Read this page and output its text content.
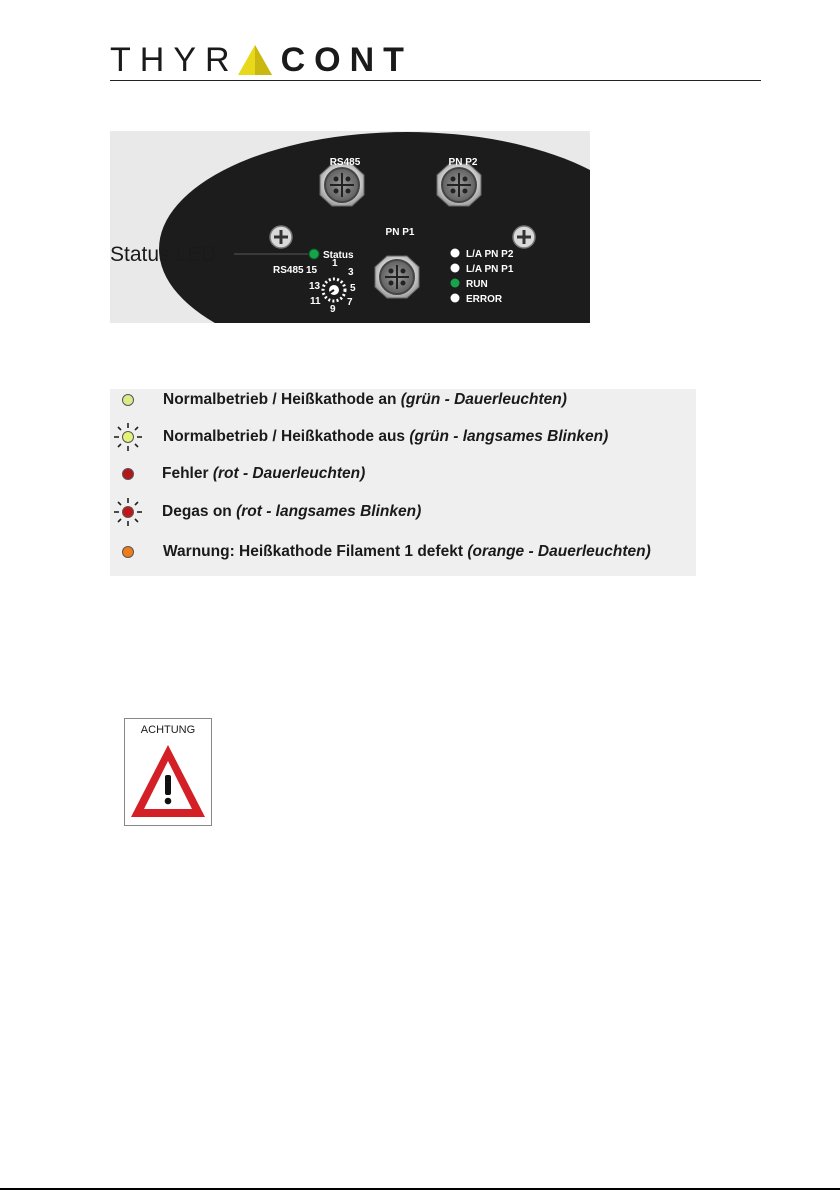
THYR CONT
RS485	PN P2
PN P1
Status
RS485 15
1
3
13	5
11	7
9
L/A PN P2
L/A PN P1
RUN
ERROR
Status LED
Normalbetrieb / Heißkathode an (grün - Dauerleuchten)
Normalbetrieb / Heißkathode aus (grün - langsames Blinken)
Fehler (rot - Dauerleuchten)
Degas on (rot - langsames Blinken)
Warnung: Heißkathode Filament 1 defekt (orange - Dauerleuchten)
ACHTUNG
